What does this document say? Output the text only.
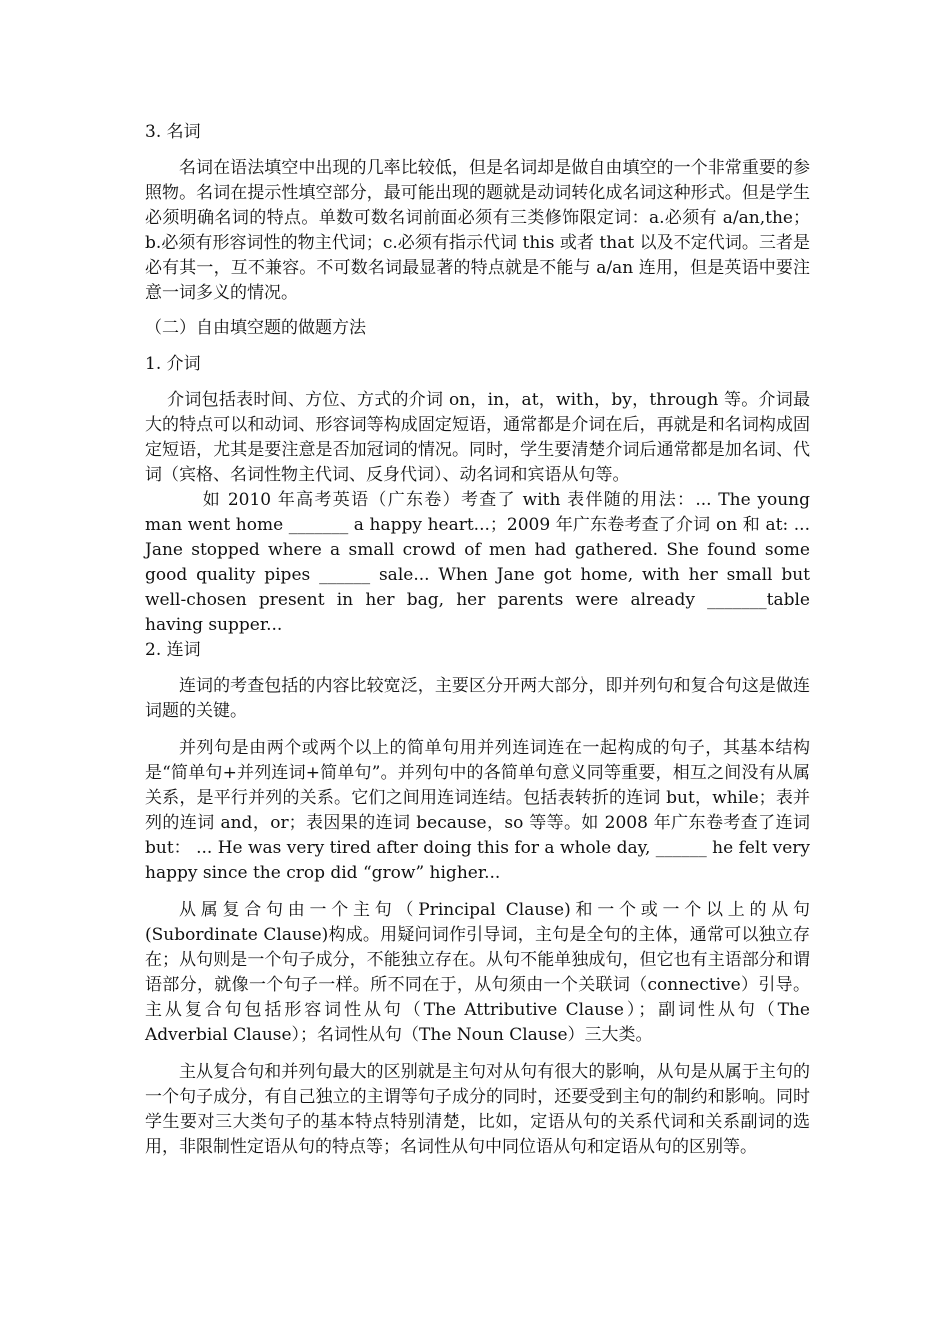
3. 名词

名词在语法填空中出现的几率比较低，但是名词却是做自由填空的一个非常重要的参照物。名词在提示性填空部分，最可能出现的题就是动词转化成名词这种形式。但是学生必须明确名词的特点。单数可数名词前面必须有三类修饰限定词：a.必须有 a/an,the；b.必须有形容词性的物主代词；c.必须有指示代词 this 或者 that 以及不定代词。三者是必有其一，互不兼容。不可数名词最显著的特点就是不能与 a/an 连用，但是英语中要注意一词多义的情况。

（二）自由填空题的做题方法
1. 介词

介词包括表时间、方位、方式的介词 on，in，at，with，by，through 等。介词最大的特点可以和动词、形容词等构成固定短语，通常都是介词在后，再就是和名词构成固定短语，尤其是要注意是否加冠词的情况。同时，学生要清楚介词后通常都是加名词、代词（宾格、名词性物主代词、反身代词）、动名词和宾语从句等。

如 2010 年高考英语（广东卷）考查了 with 表伴随的用法：... The young man went home _______ a happy heart...；2009 年广东卷考查了介词 on 和 at: ... Jane stopped where a small crowd of men had gathered. She found some good quality pipes ______ sale... When Jane got home, with her small but well-chosen present in her bag, her parents were already _______table having supper...

2. 连词

连词的考查包括的内容比较宽泛，主要区分开两大部分，即并列句和复合句这是做连词题的关键。

并列句是由两个或两个以上的简单句用并列连词连在一起构成的句子，其基本结构是“简单句+并列连词+简单句”。并列句中的各简单句意义同等重要，相互之间没有从属关系，是平行并列的关系。它们之间用连词连结。包括表转折的连词 but，while；表并列的连词 and，or；表因果的连词 because，so 等等。如 2008 年广东卷考查了连词 but： ... He was very tired after doing this for a whole day, ______ he felt very happy since the crop did “grow” higher...

从属复合句由一个主句（Principal Clause)和一个或一个以上的从句(Subordinate Clause)构成。用疑问词作引导词，主句是全句的主体，通常可以独立存在；从句则是一个句子成分，不能独立存在。从句不能单独成句，但它也有主语部分和谓语部分，就像一个句子一样。所不同在于，从句须由一个关联词（connective）引导。主从复合句包括形容词性从句（The Attributive Clause）；副词性从句（The Adverbial Clause）；名词性从句（The Noun Clause）三大类。

主从复合句和并列句最大的区别就是主句对从句有很大的影响，从句是从属于主句的一个句子成分，有自己独立的主谓等句子成分的同时，还要受到主句的制约和影响。同时学生要对三大类句子的基本特点特别清楚，比如，定语从句的关系代词和关系副词的选用，非限制性定语从句的特点等；名词性从句中同位语从句和定语从句的区别等。
